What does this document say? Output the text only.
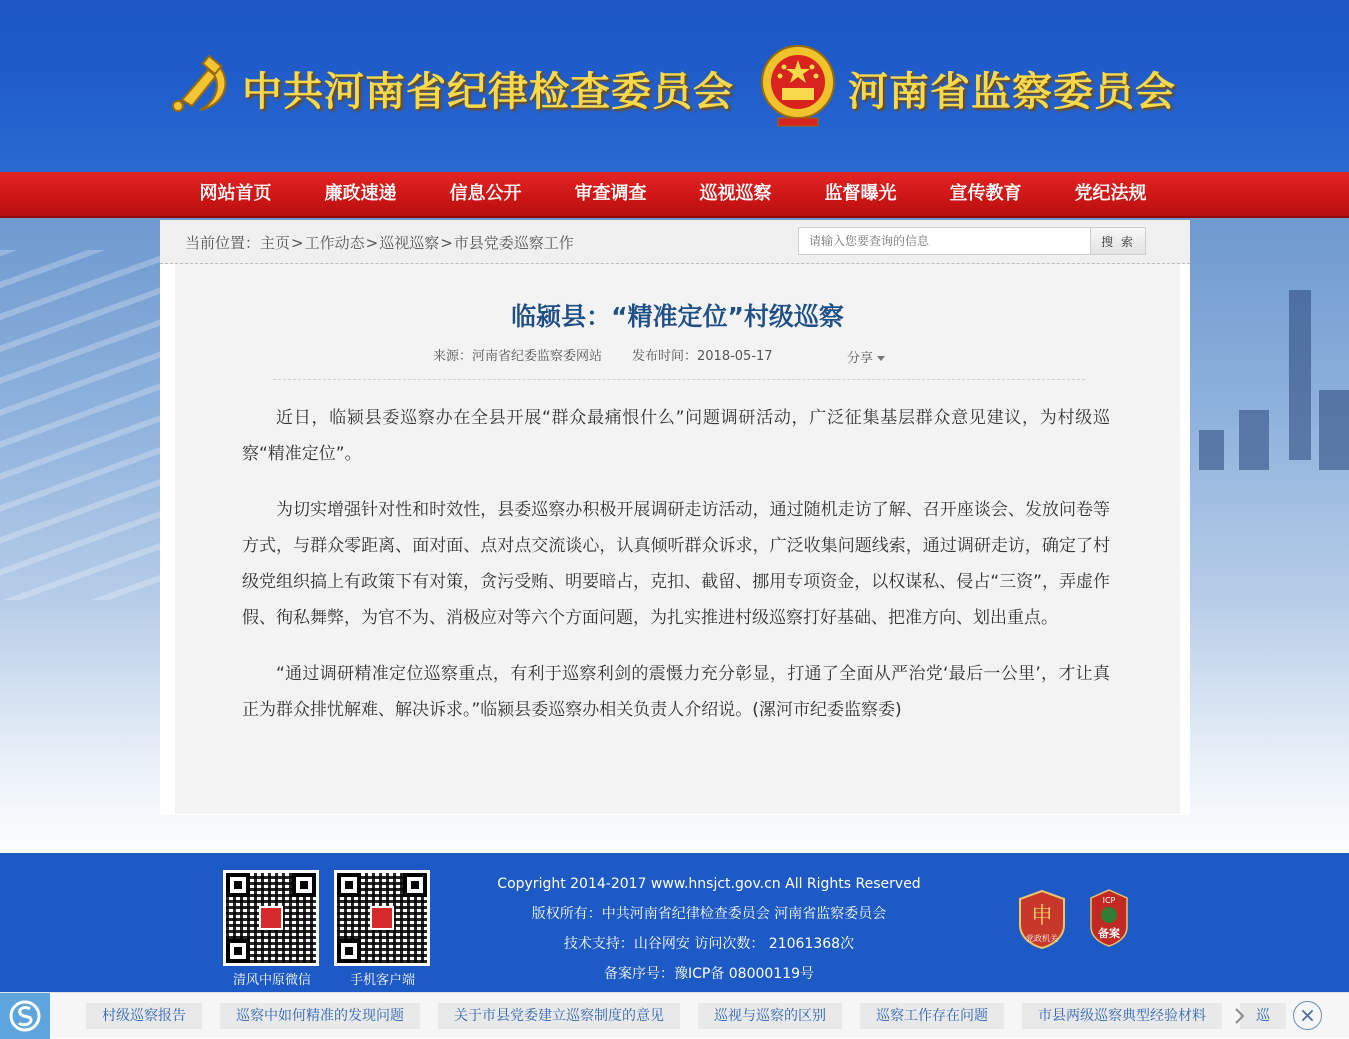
中共河南省纪律检查委员会	河南省监察委员会
网站首页	廉政速递	信息公开	审查调查	巡视巡察	监督曝光	宣传教育	党纪法规
当前位置：主页>工作动态>巡视巡察>市县党委巡察工作
请输入您要查询的信息	搜 索
临颍县：“精准定位”村级巡察
来源：河南省纪委监察委网站 发布时间：2018-05-17	分享

近日，临颍县委巡察办在全县开展“群众最痛恨什么”问题调研活动，广泛征集基层群众意见建议，为村级巡察“精准定位”。

为切实增强针对性和时效性，县委巡察办积极开展调研走访活动，通过随机走访了解、召开座谈会、发放问卷等方式，与群众零距离、面对面、点对点交流谈心，认真倾听群众诉求，广泛收集问题线索，通过调研走访，确定了村级党组织搞上有政策下有对策，贪污受贿、明要暗占，克扣、截留、挪用专项资金，以权谋私、侵占“三资”，弄虚作假、徇私舞弊，为官不为、消极应对等六个方面问题，为扎实推进村级巡察打好基础、把准方向、划出重点。

“通过调研精准定位巡察重点，有利于巡察利剑的震慑力充分彰显，打通了全面从严治党‘最后一公里’，才让真正为群众排忧解难、解决诉求。”临颍县委巡察办相关负责人介绍说。(漯河市纪委监察委)

清风中原微信	手机客户端
Copyright 2014-2017 www.hnsjct.gov.cn All Rights Reserved
版权所有：中共河南省纪律检查委员会 河南省监察委员会
技术支持：山谷网安 访问次数： 21061368次
备案序号：豫ICP备 08000119号
申
党政机关
ICP
备案
村级巡察报告	巡察中如何精准的发现问题	关于市县党委建立巡察制度的意见	巡视与巡察的区别	巡察工作存在问题	市县两级巡察典型经验材料	巡
